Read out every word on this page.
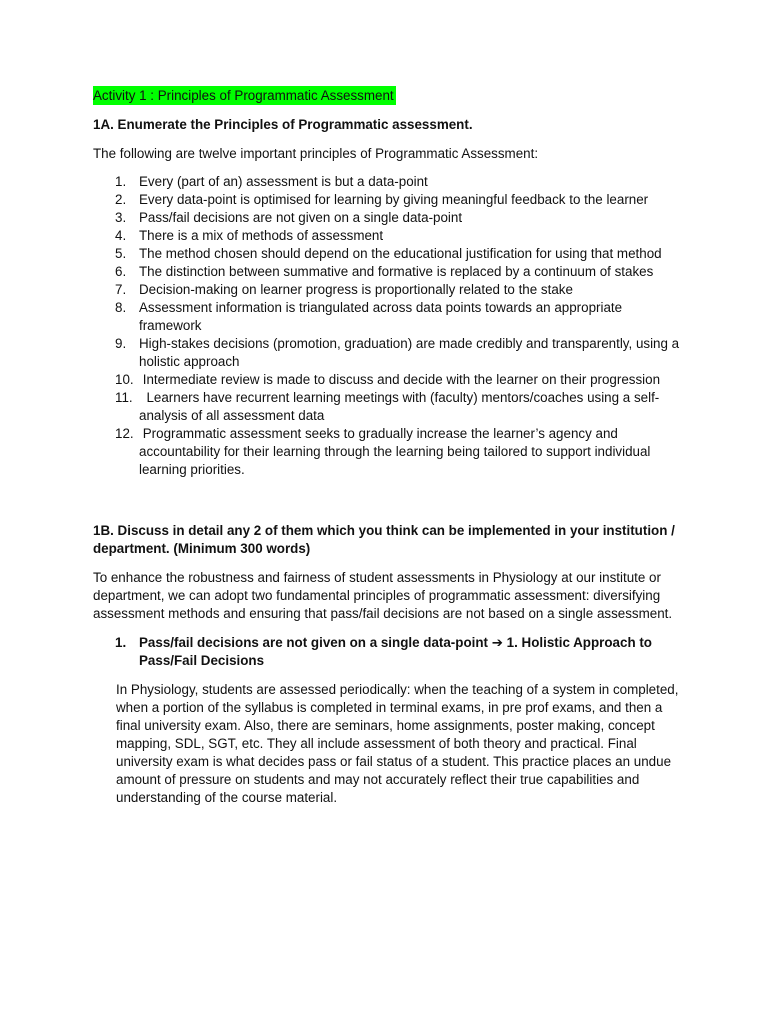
Activity 1 : Principles of Programmatic Assessment
1A. Enumerate the Principles of Programmatic assessment.
The following are twelve important principles of Programmatic Assessment:
1. Every (part of an) assessment is but a data-point
2. Every data-point is optimised for learning by giving meaningful feedback to the learner
3. Pass/fail decisions are not given on a single data-point
4. There is a mix of methods of assessment
5. The method chosen should depend on the educational justification for using that method
6. The distinction between summative and formative is replaced by a continuum of stakes
7. Decision-making on learner progress is proportionally related to the stake
8. Assessment information is triangulated across data points towards an appropriate framework
9. High-stakes decisions (promotion, graduation) are made credibly and transparently, using a holistic approach
10. Intermediate review is made to discuss and decide with the learner on their progression
11. Learners have recurrent learning meetings with (faculty) mentors/coaches using a self-analysis of all assessment data
12. Programmatic assessment seeks to gradually increase the learner’s agency and accountability for their learning through the learning being tailored to support individual learning priorities.
1B. Discuss in detail any 2 of them which you think can be implemented in your institution / department. (Minimum 300 words)
To enhance the robustness and fairness of student assessments in Physiology at our institute or department, we can adopt two fundamental principles of programmatic assessment: diversifying assessment methods and ensuring that pass/fail decisions are not based on a single assessment.
1. Pass/fail decisions are not given on a single data-point ➔ 1. Holistic Approach to Pass/Fail Decisions
In Physiology, students are assessed periodically: when the teaching of a system in completed, when a portion of the syllabus is completed in terminal exams, in pre prof exams, and then a final university exam. Also, there are seminars, home assignments, poster making, concept mapping, SDL, SGT, etc. They all include assessment of both theory and practical. Final university exam is what decides pass or fail status of a student. This practice places an undue amount of pressure on students and may not accurately reflect their true capabilities and understanding of the course material.
